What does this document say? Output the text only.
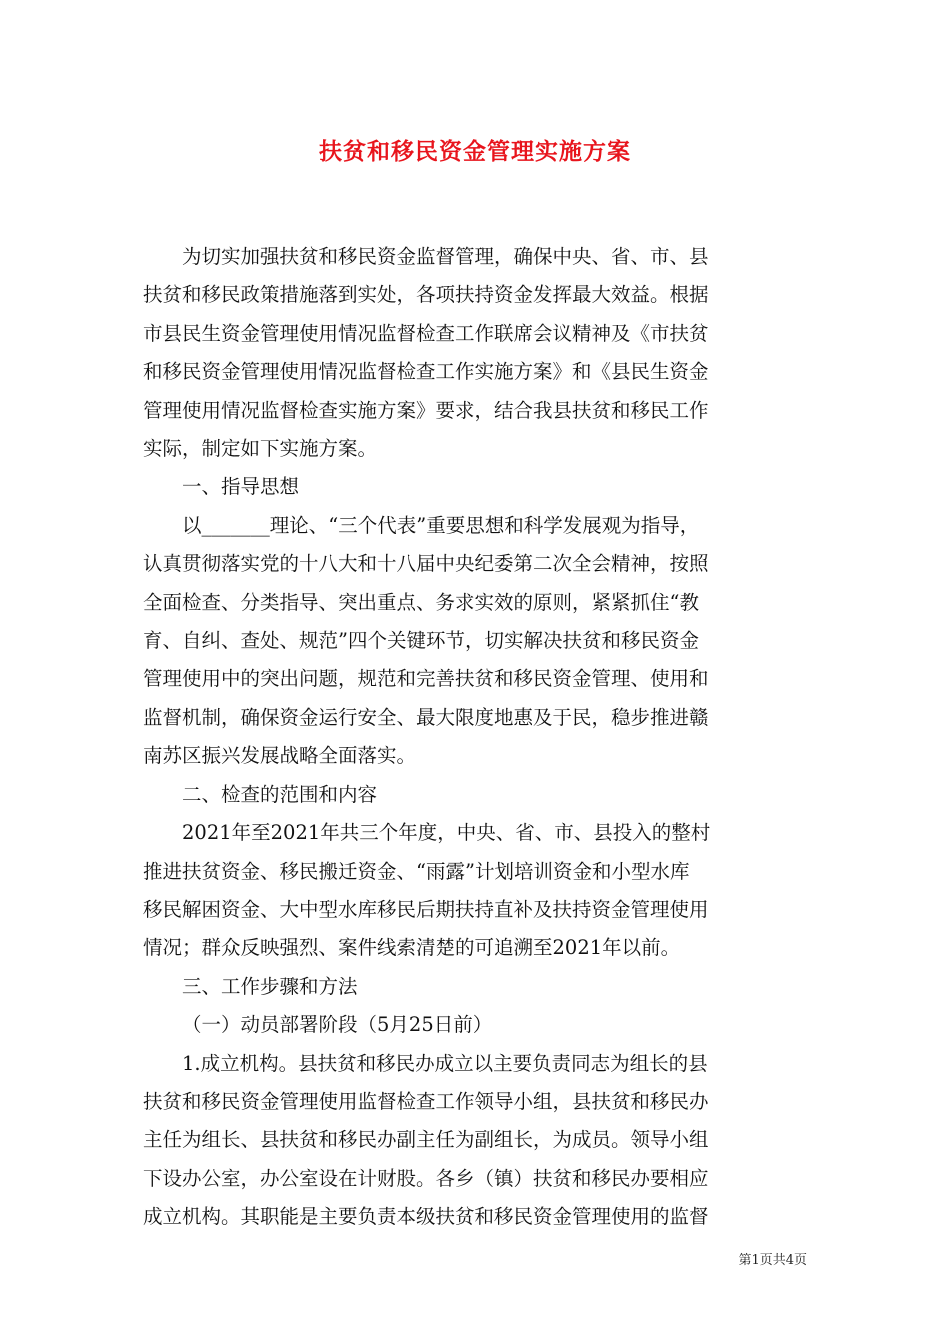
扶贫和移民资金管理实施方案

为切实加强扶贫和移民资金监督管理，确保中央、省、市、县
扶贫和移民政策措施落到实处，各项扶持资金发挥最大效益。根据
市县民生资金管理使用情况监督检查工作联席会议精神及《市扶贫
和移民资金管理使用情况监督检查工作实施方案》和《县民生资金
管理使用情况监督检查实施方案》要求，结合我县扶贫和移民工作
实际，制定如下实施方案。

一、指导思想

以_______理论、“三个代表”重要思想和科学发展观为指导，
认真贯彻落实党的十八大和十八届中央纪委第二次全会精神，按照
全面检查、分类指导、突出重点、务求实效的原则，紧紧抓住“教
育、自纠、查处、规范”四个关键环节，切实解决扶贫和移民资金
管理使用中的突出问题，规范和完善扶贫和移民资金管理、使用和
监督机制，确保资金运行安全、最大限度地惠及于民，稳步推进赣
南苏区振兴发展战略全面落实。

二、检查的范围和内容

2021年至2021年共三个年度，中央、省、市、县投入的整村
推进扶贫资金、移民搬迁资金、“雨露”计划培训资金和小型水库
移民解困资金、大中型水库移民后期扶持直补及扶持资金管理使用
情况；群众反映强烈、案件线索清楚的可追溯至2021年以前。

三、工作步骤和方法

（一）动员部署阶段（5月25日前）

1.成立机构。县扶贫和移民办成立以主要负责同志为组长的县
扶贫和移民资金管理使用监督检查工作领导小组，县扶贫和移民办
主任为组长、县扶贫和移民办副主任为副组长，为成员。领导小组
下设办公室，办公室设在计财股。各乡（镇）扶贫和移民办要相应
成立机构。其职能是主要负责本级扶贫和移民资金管理使用的监督

第1页共4页
